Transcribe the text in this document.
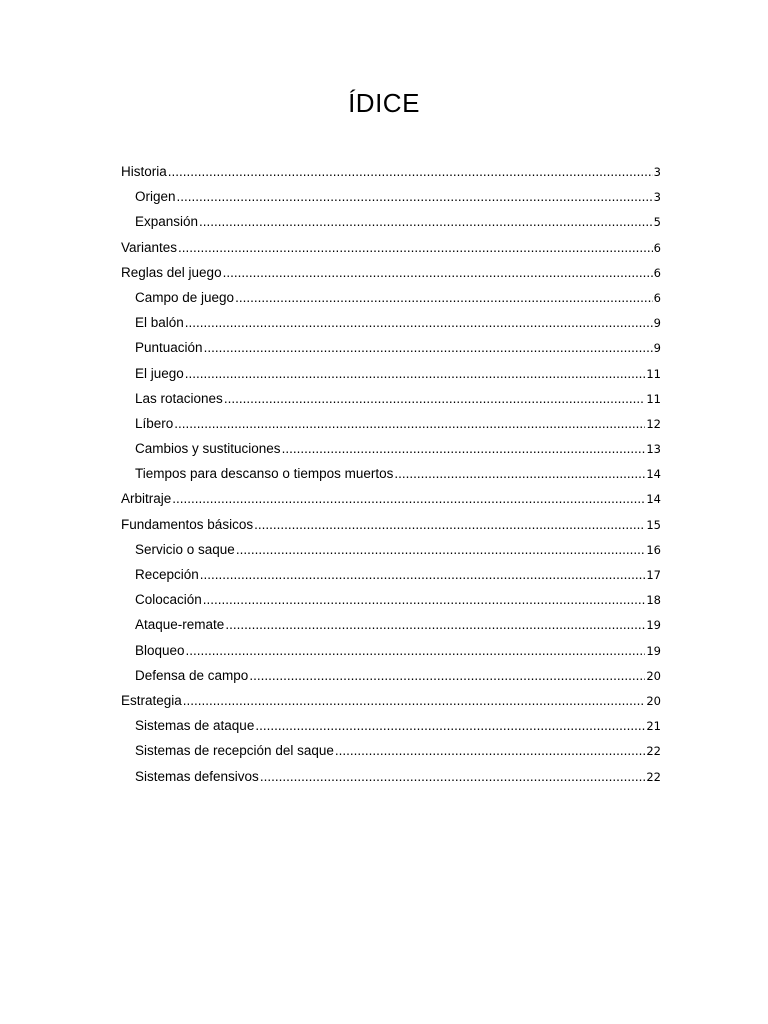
ÍDICE
Historia .....	3
Origen .....	3
Expansión .....	5
Variantes .....	6
Reglas del juego .....	6
Campo de juego .....	6
El balón .....	9
Puntuación .....	9
El juego .....	11
Las rotaciones .....	11
Líbero .....	12
Cambios y sustituciones .....	13
Tiempos para descanso o tiempos muertos .....	14
Arbitraje .....	14
Fundamentos básicos .....	15
Servicio o saque .....	16
Recepción .....	17
Colocación .....	18
Ataque-remate .....	19
Bloqueo .....	19
Defensa de campo .....	20
Estrategia .....	20
Sistemas de ataque .....	21
Sistemas de recepción del saque .....	22
Sistemas defensivos .....	22
